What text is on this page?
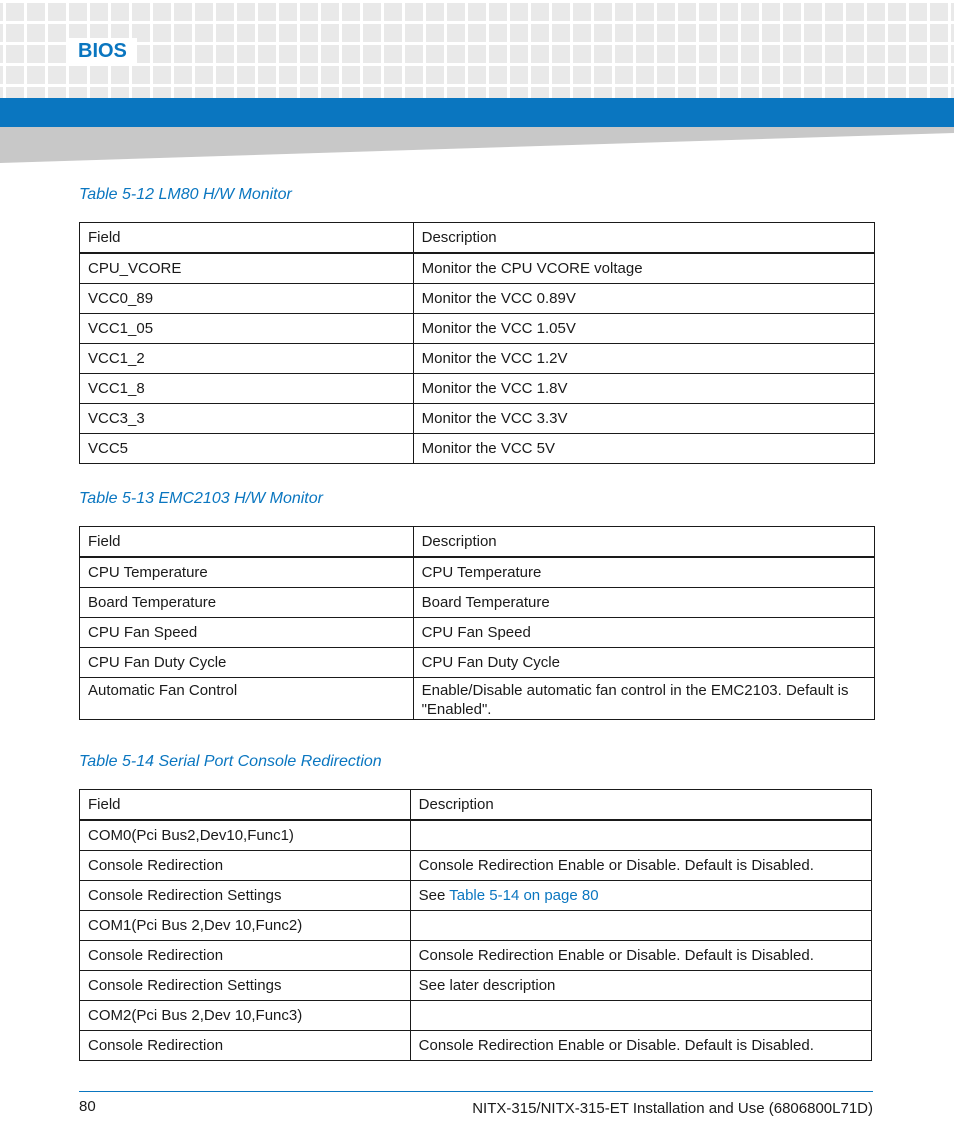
BIOS
Table 5-12 LM80 H/W Monitor
Field	Description
CPU_VCORE	Monitor the CPU VCORE voltage
VCC0_89	Monitor the VCC 0.89V
VCC1_05	Monitor the VCC 1.05V
VCC1_2	Monitor the VCC 1.2V
VCC1_8	Monitor the VCC 1.8V
VCC3_3	Monitor the VCC 3.3V
VCC5	Monitor the VCC 5V
Table 5-13 EMC2103 H/W Monitor
Field	Description
CPU Temperature	CPU Temperature
Board Temperature	Board Temperature
CPU Fan Speed	CPU Fan Speed
CPU Fan Duty Cycle	CPU Fan Duty Cycle
Automatic Fan Control	Enable/Disable automatic fan control in the EMC2103. Default is "Enabled".
Table 5-14 Serial Port Console Redirection
Field	Description
COM0(Pci Bus2,Dev10,Func1)	
Console Redirection	Console Redirection Enable or Disable. Default is Disabled.
Console Redirection Settings	See Table 5-14 on page 80
COM1(Pci Bus 2,Dev 10,Func2)	
Console Redirection	Console Redirection Enable or Disable. Default is Disabled.
Console Redirection Settings	See later description
COM2(Pci Bus 2,Dev 10,Func3)	
Console Redirection	Console Redirection Enable or Disable. Default is Disabled.
80	NITX-315/NITX-315-ET Installation and Use (6806800L71D)
